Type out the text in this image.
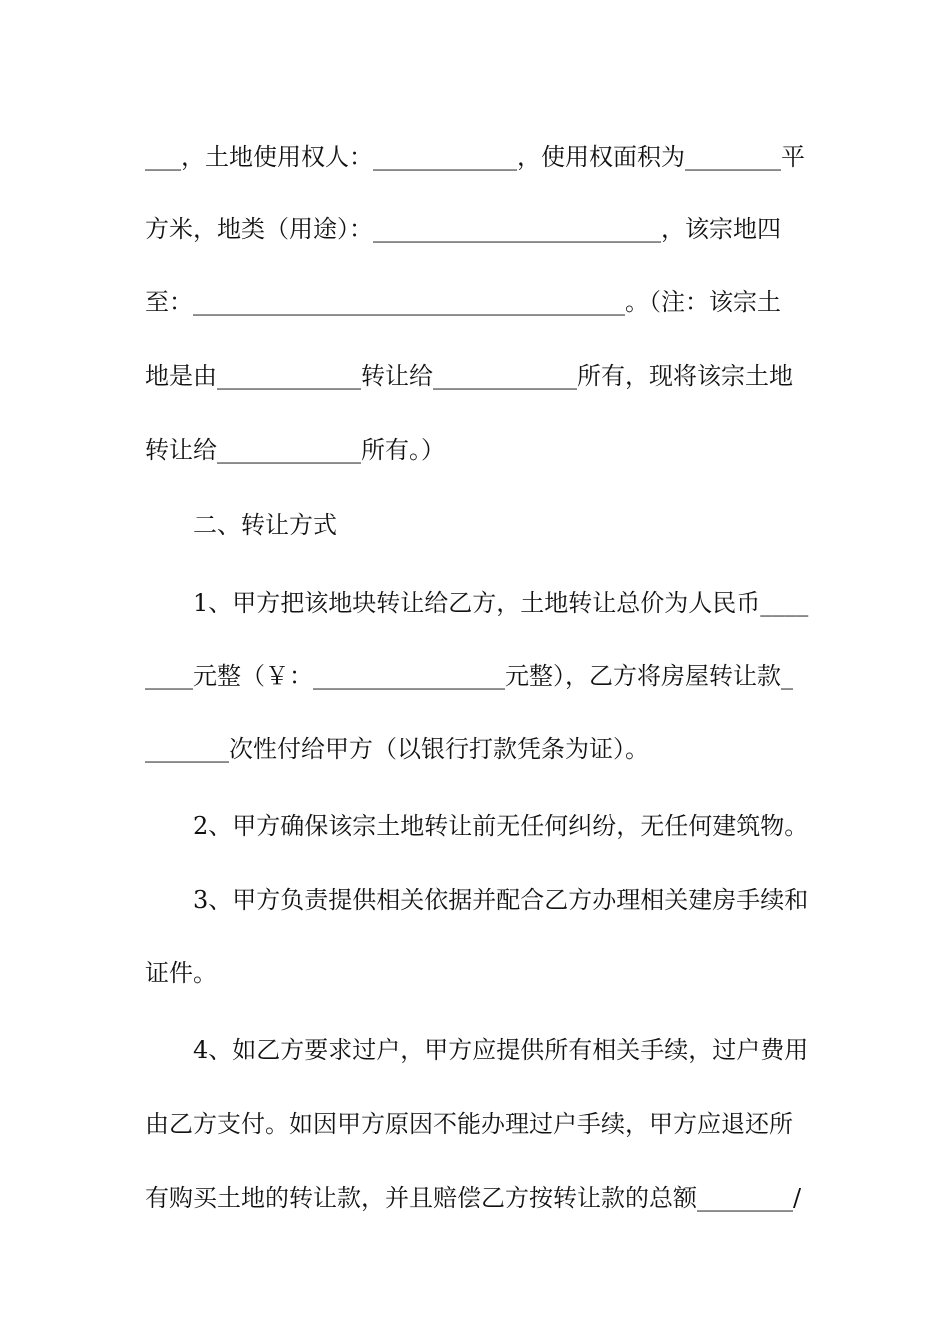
___，土地使用权人：____________，使用权面积为________平
方米，地类（用途）：________________________，该宗地四
至：____________________________________。（注：该宗土
地是由____________转让给____________所有，现将该宗土地
转让给____________所有。）
二、转让方式
1、甲方把该地块转让给乙方，土地转让总价为人民币____
____元整（￥：________________元整），乙方将房屋转让款_
_______次性付给甲方（以银行打款凭条为证）。
2、甲方确保该宗土地转让前无任何纠纷，无任何建筑物。
3、甲方负责提供相关依据并配合乙方办理相关建房手续和
证件。
4、如乙方要求过户，甲方应提供所有相关手续，过户费用
由乙方支付。如因甲方原因不能办理过户手续，甲方应退还所
有购买土地的转让款，并且赔偿乙方按转让款的总额________/
